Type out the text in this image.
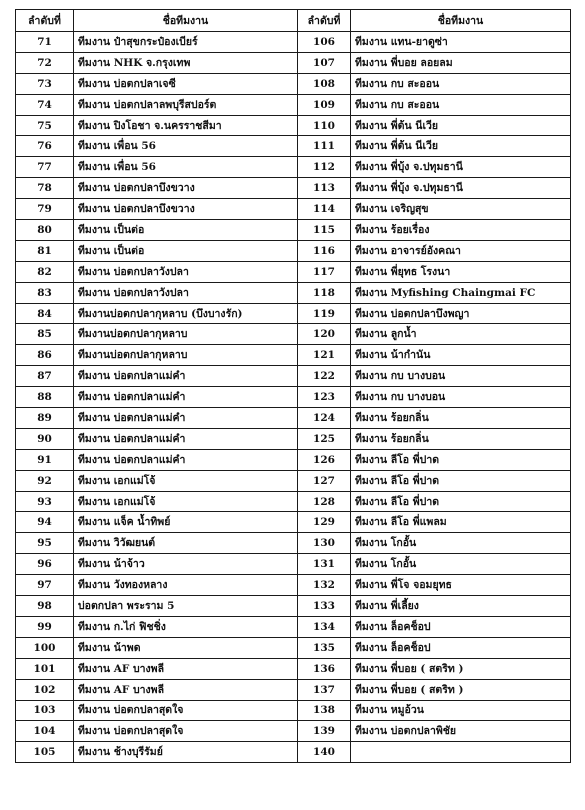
ลำดับที่	ชื่อทีมงาน	ลำดับที่	ชื่อทีมงาน
71	ทีมงาน ป๋าสุขกระป๋องเบียร์	106	ทีมงาน แทน-ยาดูซ่า
72	ทีมงาน NHK จ.กรุงเทพ	107	ทีมงาน พี่บอย ลอยลม
73	ทีมงาน บ่อตกปลาเจซี	108	ทีมงาน กบ สะออน
74	ทีมงาน บ่อตกปลาลพบุรีสปอร์ต	109	ทีมงาน กบ สะออน
75	ทีมงาน ปิงโอชา จ.นครราชสีมา	110	ทีมงาน พี่ต้น นีเวีย
76	ทีมงาน เพื่อน 56	111	ทีมงาน พี่ต้น นีเวีย
77	ทีมงาน เพื่อน 56	112	ทีมงาน พี่บุ้ง จ.ปทุมธานี
78	ทีมงาน บ่อตกปลาบึงขวาง	113	ทีมงาน พี่บุ้ง จ.ปทุมธานี
79	ทีมงาน บ่อตกปลาบึงขวาง	114	ทีมงาน เจริญสุข
80	ทีมงาน เป็นต่อ	115	ทีมงาน ร้อยเรื่อง
81	ทีมงาน เป็นต่อ	116	ทีมงาน อาจารย์อังคณา
82	ทีมงาน บ่อตกปลาวังปลา	117	ทีมงาน พี่ยุทธ โรงนา
83	ทีมงาน บ่อตกปลาวังปลา	118	ทีมงาน Myfishing Chaingmai FC
84	ทีมงานบ่อตกปลากุหลาบ (บึงบางรัก)	119	ทีมงาน บ่อตกปลาบึงพญา
85	ทีมงานบ่อตกปลากุหลาบ	120	ทีมงาน ลูกน้ำ
86	ทีมงานบ่อตกปลากุหลาบ	121	ทีมงาน น้ากำนัน
87	ทีมงาน บ่อตกปลาแม่คำ	122	ทีมงาน กบ บางบอน
88	ทีมงาน บ่อตกปลาแม่คำ	123	ทีมงาน กบ บางบอน
89	ทีมงาน บ่อตกปลาแม่คำ	124	ทีมงาน ร้อยกลิ่น
90	ทีมงาน บ่อตกปลาแม่คำ	125	ทีมงาน ร้อยกลิ่น
91	ทีมงาน บ่อตกปลาแม่คำ	126	ทีมงาน ลีโอ พี่ปาด
92	ทีมงาน เอกแม่โจ้	127	ทีมงาน ลีโอ พี่ปาด
93	ทีมงาน เอกแม่โจ้	128	ทีมงาน ลีโอ พี่ปาด
94	ทีมงาน แจ็ค น้ำทิพย์	129	ทีมงาน ลีโอ พี่แพลม
95	ทีมงาน วิวัฒยนต์	130	ทีมงาน โกอั้น
96	ทีมงาน น้าจ้าว	131	ทีมงาน โกอั้น
97	ทีมงาน วังทองหลาง	132	ทีมงาน พี่โจ จอมยุทธ
98	บ่อตกปลา พระราม 5	133	ทีมงาน พี่เลี้ยง
99	ทีมงาน ก.ไก่ ฟิชชิ่ง	134	ทีมงาน ล็อคช็อป
100	ทีมงาน น้าพด	135	ทีมงาน ล็อคช็อป
101	ทีมงาน AF บางพลี	136	ทีมงาน พี่บอย ( สตริท )
102	ทีมงาน AF บางพลี	137	ทีมงาน พี่บอย ( สตริท )
103	ทีมงาน บ่อตกปลาสุดใจ	138	ทีมงาน หมูอ้วน
104	ทีมงาน บ่อตกปลาสุดใจ	139	ทีมงาน บ่อตกปลาพิชัย
105	ทีมงาน ช้างบุรีรัมย์	140	
